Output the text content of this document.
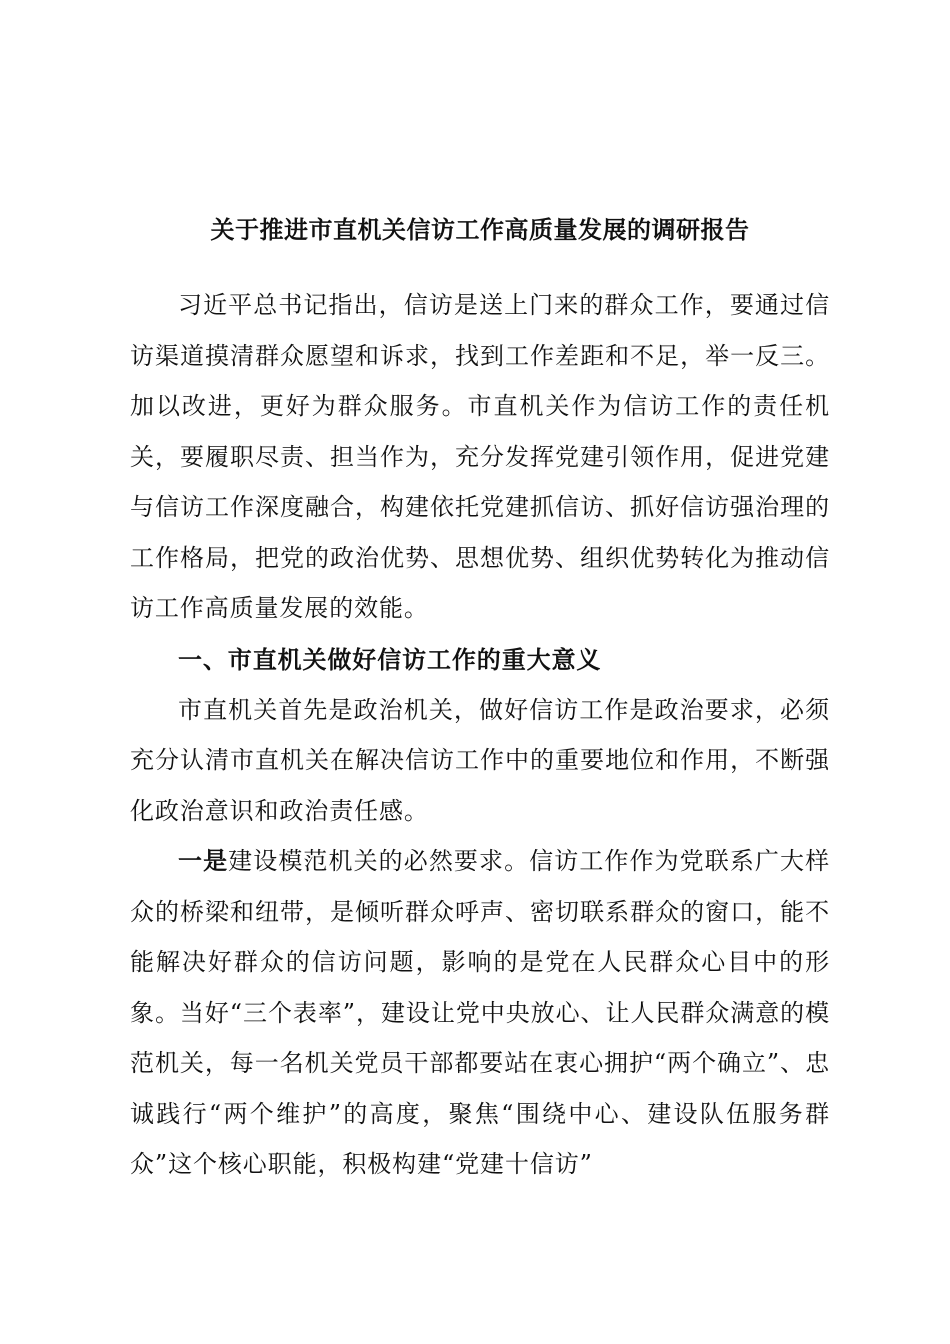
关于推进市直机关信访工作高质量发展的调研报告

习近平总书记指出，信访是送上门来的群众工作，要通过信访渠道摸清群众愿望和诉求，找到工作差距和不足，举一反三。加以改进，更好为群众服务。市直机关作为信访工作的责任机关，要履职尽责、担当作为，充分发挥党建引领作用，促进党建与信访工作深度融合，构建依托党建抓信访、抓好信访强治理的工作格局，把党的政治优势、思想优势、组织优势转化为推动信访工作高质量发展的效能。

一、市直机关做好信访工作的重大意义

市直机关首先是政治机关，做好信访工作是政治要求，必须充分认清市直机关在解决信访工作中的重要地位和作用，不断强化政治意识和政治责任感。

一是建设模范机关的必然要求。信访工作作为党联系广大样众的桥梁和纽带，是倾听群众呼声、密切联系群众的窗口，能不能解决好群众的信访问题，影响的是党在人民群众心目中的形象。当好“三个表率”，建设让党中央放心、让人民群众满意的模范机关，每一名机关党员干部都要站在衷心拥护“两个确立”、忠诚践行“两个维护”的高度，聚焦“围绕中心、建设队伍服务群众”这个核心职能，积极构建“党建十信访”
